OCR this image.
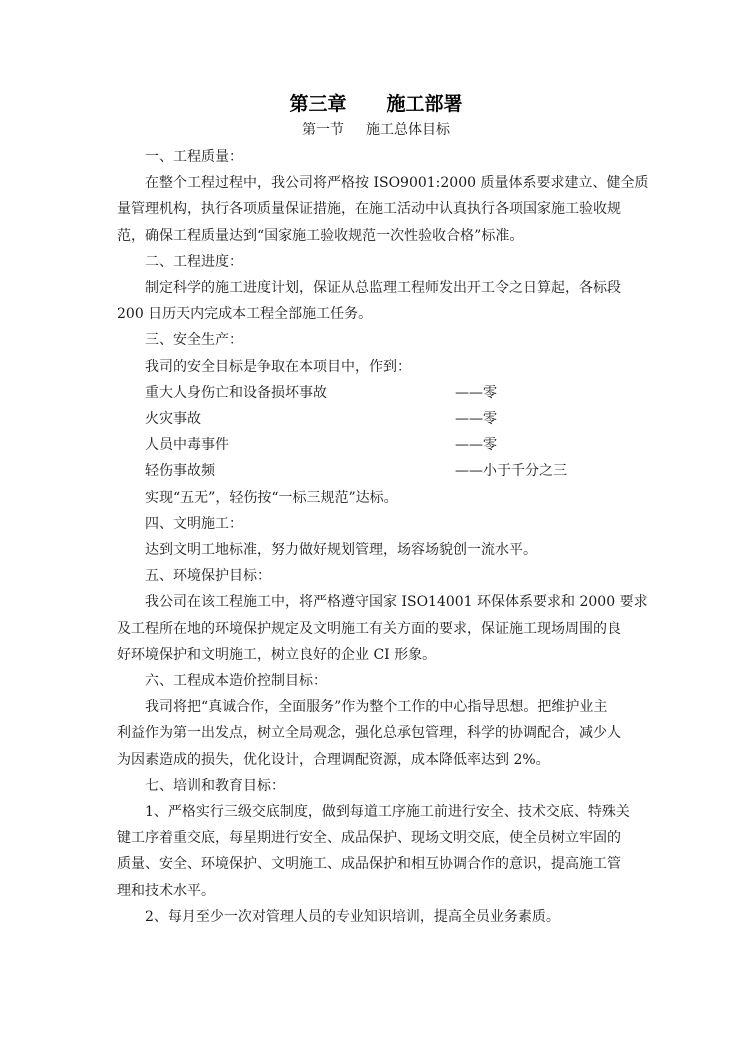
第三章 施工部署
第一节 施工总体目标
一、工程质量：
在整个工程过程中，我公司将严格按 ISO9001:2000 质量体系要求建立、健全质
量管理机构，执行各项质量保证措施，在施工活动中认真执行各项国家施工验收规
范，确保工程质量达到“国家施工验收规范一次性验收合格”标准。
二、工程进度：
制定科学的施工进度计划，保证从总监理工程师发出开工令之日算起，各标段
200 日历天内完成本工程全部施工任务。
三、安全生产：
我司的安全目标是争取在本项目中，作到：
重大人身伤亡和设备损坏事故	——零
火灾事故	——零
人员中毒事件	——零
轻伤事故频	——小于千分之三
实现“五无”，轻伤按“一标三规范”达标。
四、文明施工：
达到文明工地标准，努力做好规划管理，场容场貌创一流水平。
五、环境保护目标：
我公司在该工程施工中，将严格遵守国家 ISO14001 环保体系要求和 2000 要求
及工程所在地的环境保护规定及文明施工有关方面的要求，保证施工现场周围的良
好环境保护和文明施工，树立良好的企业 CI 形象。
六、工程成本造价控制目标：
我司将把“真诚合作，全面服务”作为整个工作的中心指导思想。把维护业主
利益作为第一出发点，树立全局观念，强化总承包管理，科学的协调配合，减少人
为因素造成的损失，优化设计，合理调配资源，成本降低率达到 2%。
七、培训和教育目标：
1、严格实行三级交底制度，做到每道工序施工前进行安全、技术交底、特殊关
键工序着重交底，每星期进行安全、成品保护、现场文明交底，使全员树立牢固的
质量、安全、环境保护、文明施工、成品保护和相互协调合作的意识，提高施工管
理和技术水平。
2、每月至少一次对管理人员的专业知识培训，提高全员业务素质。
